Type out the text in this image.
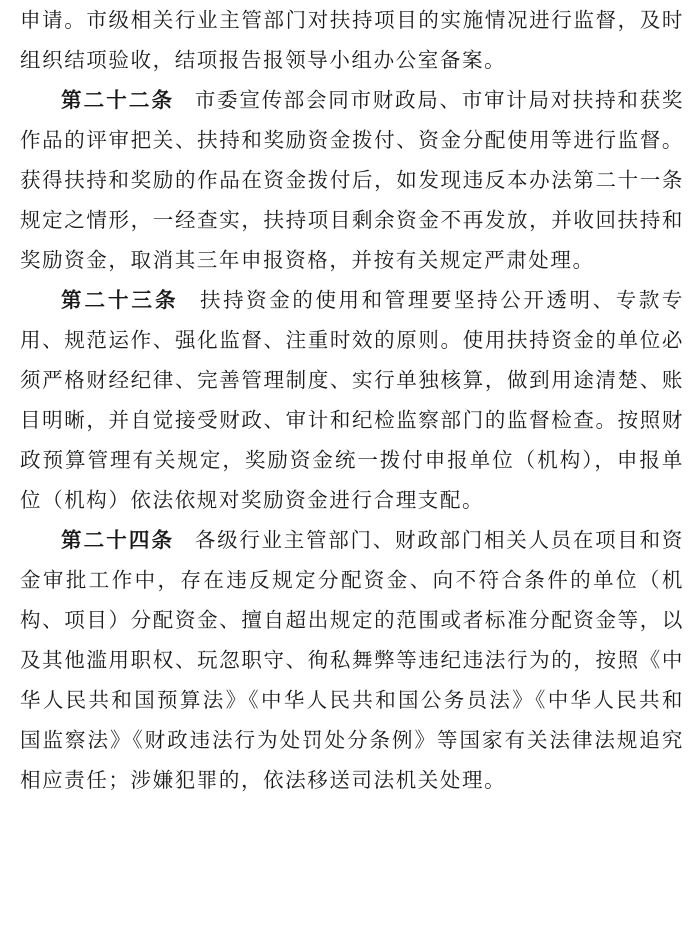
申请。市级相关行业主管部门对扶持项目的实施情况进行监督，及时组织结项验收，结项报告报领导小组办公室备案。

第二十二条 市委宣传部会同市财政局、市审计局对扶持和获奖作品的评审把关、扶持和奖励资金拨付、资金分配使用等进行监督。获得扶持和奖励的作品在资金拨付后，如发现违反本办法第二十一条规定之情形，一经查实，扶持项目剩余资金不再发放，并收回扶持和奖励资金，取消其三年申报资格，并按有关规定严肃处理。

第二十三条 扶持资金的使用和管理要坚持公开透明、专款专用、规范运作、强化监督、注重时效的原则。使用扶持资金的单位必须严格财经纪律、完善管理制度、实行单独核算，做到用途清楚、账目明晰，并自觉接受财政、审计和纪检监察部门的监督检查。按照财政预算管理有关规定，奖励资金统一拨付申报单位（机构），申报单位（机构）依法依规对奖励资金进行合理支配。

第二十四条 各级行业主管部门、财政部门相关人员在项目和资金审批工作中，存在违反规定分配资金、向不符合条件的单位（机构、项目）分配资金、擅自超出规定的范围或者标准分配资金等，以及其他滥用职权、玩忽职守、徇私舞弊等违纪违法行为的，按照《中华人民共和国预算法》《中华人民共和国公务员法》《中华人民共和国监察法》《财政违法行为处罚处分条例》等国家有关法律法规追究相应责任；涉嫌犯罪的，依法移送司法机关处理。
